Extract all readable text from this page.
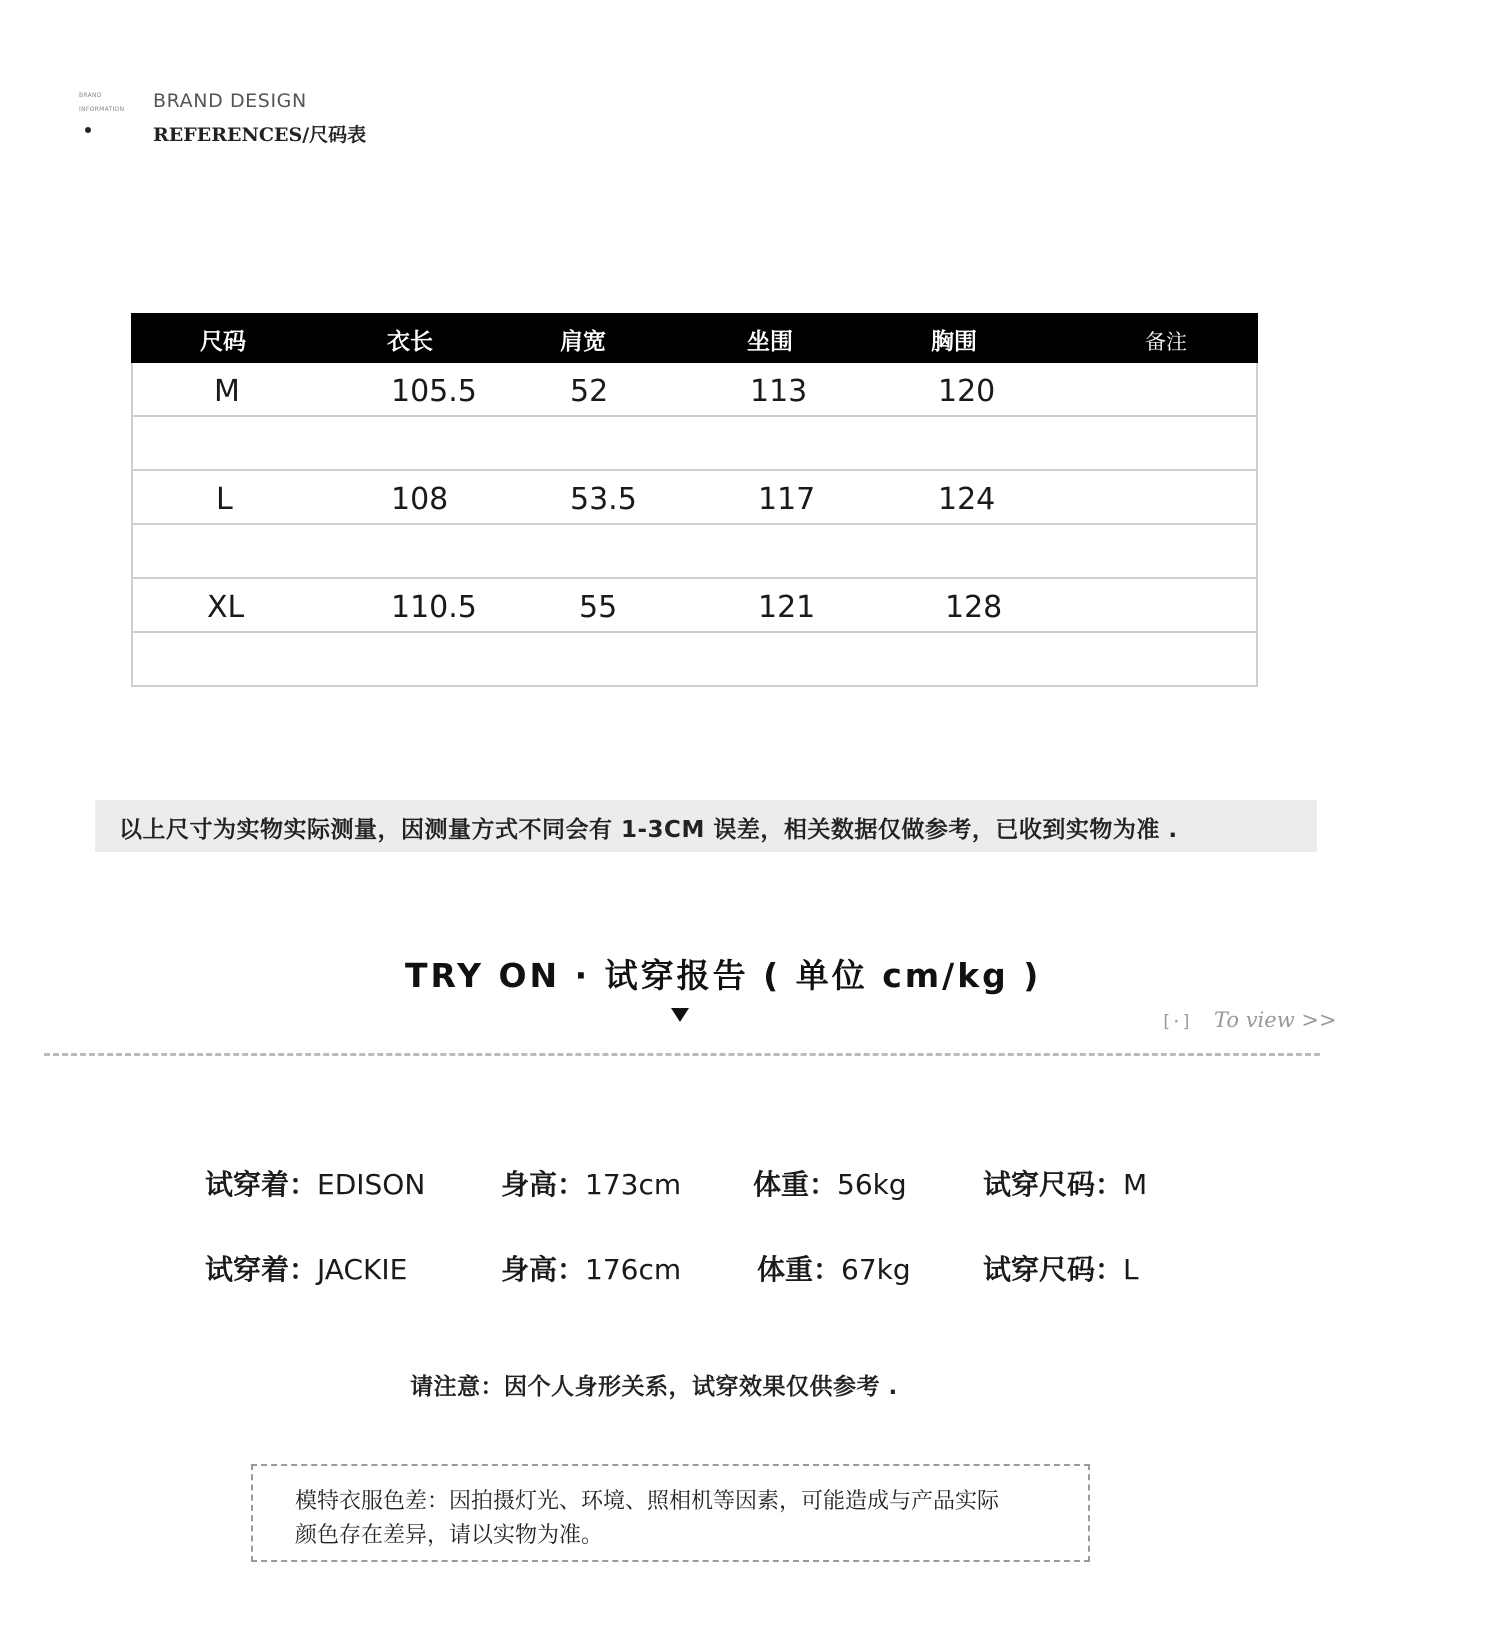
BRAND
INFORMATION BRAND DESIGN
REFERENCES/尺码表
尺码	衣长	肩宽	坐围	胸围	备注
M	105.5	52	113	120
L	108	53.5	117	124
XL	110.5	55	121	128
以上尺寸为实物实际测量，因测量方式不同会有 1-3CM 误差，相关数据仅做参考，已收到实物为准 .
TRY ON · 试穿报告 ( 单位 cm/kg )
[·] To view >>
试穿着：EDISON	身高：173cm	体重：56kg	试穿尺码：M
试穿着：JACKIE	身高：176cm	体重：67kg	试穿尺码：L
请注意：因个人身形关系，试穿效果仅供参考 .
模特衣服色差：因拍摄灯光、环境、照相机等因素，可能造成与产品实际
颜色存在差异，请以实物为准。
